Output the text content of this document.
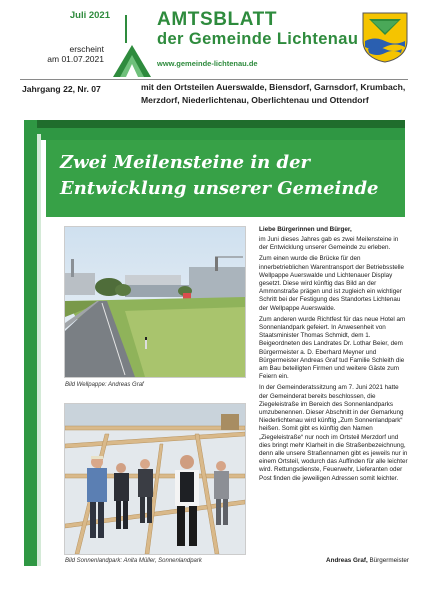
Juli 2021
erscheint
am 01.07.2021
AMTSBLATT
der Gemeinde Lichtenau
www.gemeinde-lichtenau.de
Jahrgang 22, Nr. 07	mit den Ortsteilen Auerswalde, Biensdorf, Garnsdorf, Krumbach, Merzdorf, Niederlichtenau, Oberlichtenau und Ottendorf
Zwei Meilensteine in der Entwicklung unserer Gemeinde
Bild Wellpappe: Andreas Graf
Bild Sonnenlandpark: Anita Müller, Sonnenlandpark
Liebe Bürgerinnen und Bürger,

im Juni dieses Jahres gab es zwei Meilensteine in der Entwicklung unserer Gemeinde zu erleben.

Zum einen wurde die Brücke für den innerbetrieblichen Warentransport der Betriebsstelle Wellpappe Auerswalde und Lichtenauer Display gesetzt. Diese wird künftig das Bild an der Ammonstraße prägen und ist zugleich ein wichtiger Schritt bei der Festigung des Standortes Lichtenau der Wellpappe Auerswalde.

Zum anderen wurde Richtfest für das neue Hotel am Sonnenlandpark gefeiert. In Anwesenheit von Staatsminister Thomas Schmidt, dem 1. Beigeordneten des Landrates Dr. Lothar Beier, dem Bürgermeister a. D. Eberhard Meyner und Bürgermeister Andreas Graf tud Familie Schleith die am Bau beteiligten Firmen und weitere Gäste zum Feiern ein.

In der Gemeinderatssitzung am 7. Juni 2021 hatte der Gemeinderat bereits beschlossen, die Ziegeleistraße im Bereich des Sonnenlandparks umzubenennen. Dieser Abschnitt in der Gemarkung Niederlichtenau wird künftig „Zum Sonnenlandpark“ heißen. Somit gibt es künftig den Namen „Ziegeleistraße“ nur noch im Ortsteil Merzdorf und dies bringt mehr Klarheit in die Straßenbezeichnung, denn alle unsere Straßennamen gibt es jeweils nur in einem Ortsteil, wodurch das Auffinden für alle leichter wird. Rettungsdienste, Feuerwehr, Lieferanten oder Post finden die jeweiligen Adressen somit leichter.

Andreas Graf, Bürgermeister
